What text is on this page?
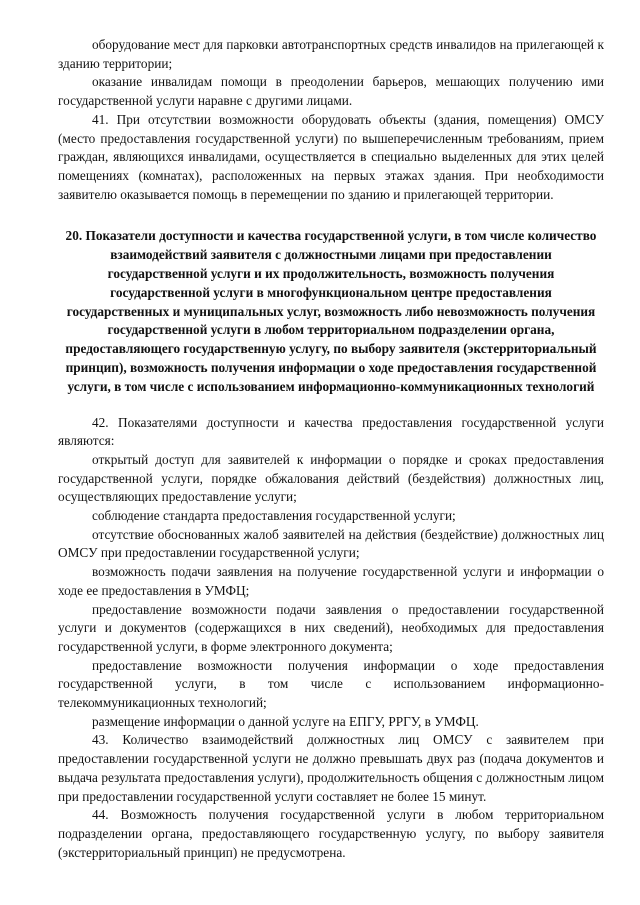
оборудование мест для парковки автотранспортных средств инвалидов на прилегающей к зданию территории;

оказание инвалидам помощи в преодолении барьеров, мешающих получению ими государственной услуги наравне с другими лицами.

41. При отсутствии возможности оборудовать объекты (здания, помещения) ОМСУ (место предоставления государственной услуги) по вышеперечисленным требованиям, прием граждан, являющихся инвалидами, осуществляется в специально выделенных для этих целей помещениях (комнатах), расположенных на первых этажах здания. При необходимости заявителю оказывается помощь в перемещении по зданию и прилегающей территории.

20. Показатели доступности и качества государственной услуги, в том числе количество взаимодействий заявителя с должностными лицами при предоставлении государственной услуги и их продолжительность, возможность получения государственной услуги в многофункциональном центре предоставления государственных и муниципальных услуг, возможность либо невозможность получения государственной услуги в любом территориальном подразделении органа, предоставляющего государственную услугу, по выбору заявителя (экстерриториальный принцип), возможность получения информации о ходе предоставления государственной услуги, в том числе с использованием информационно-коммуникационных технологий

42. Показателями доступности и качества предоставления государственной услуги являются:

открытый доступ для заявителей к информации о порядке и сроках предоставления государственной услуги, порядке обжалования действий (бездействия) должностных лиц, осуществляющих предоставление услуги;

соблюдение стандарта предоставления государственной услуги;

отсутствие обоснованных жалоб заявителей на действия (бездействие) должностных лиц ОМСУ при предоставлении государственной услуги;

возможность подачи заявления на получение государственной услуги и информации о ходе ее предоставления в УМФЦ;

предоставление возможности подачи заявления о предоставлении государственной услуги и документов (содержащихся в них сведений), необходимых для предоставления государственной услуги, в форме электронного документа;

предоставление возможности получения информации о ходе предоставления государственной услуги, в том числе с использованием информационно-телекоммуникационных технологий;

размещение информации о данной услуге на ЕПГУ, РРГУ, в УМФЦ.

43. Количество взаимодействий должностных лиц ОМСУ с заявителем при предоставлении государственной услуги не должно превышать двух раз (подача документов и выдача результата предоставления услуги), продолжительность общения с должностным лицом при предоставлении государственной услуги составляет не более 15 минут.

44. Возможность получения государственной услуги в любом территориальном подразделении органа, предоставляющего государственную услугу, по выбору заявителя (экстерриториальный принцип) не предусмотрена.
